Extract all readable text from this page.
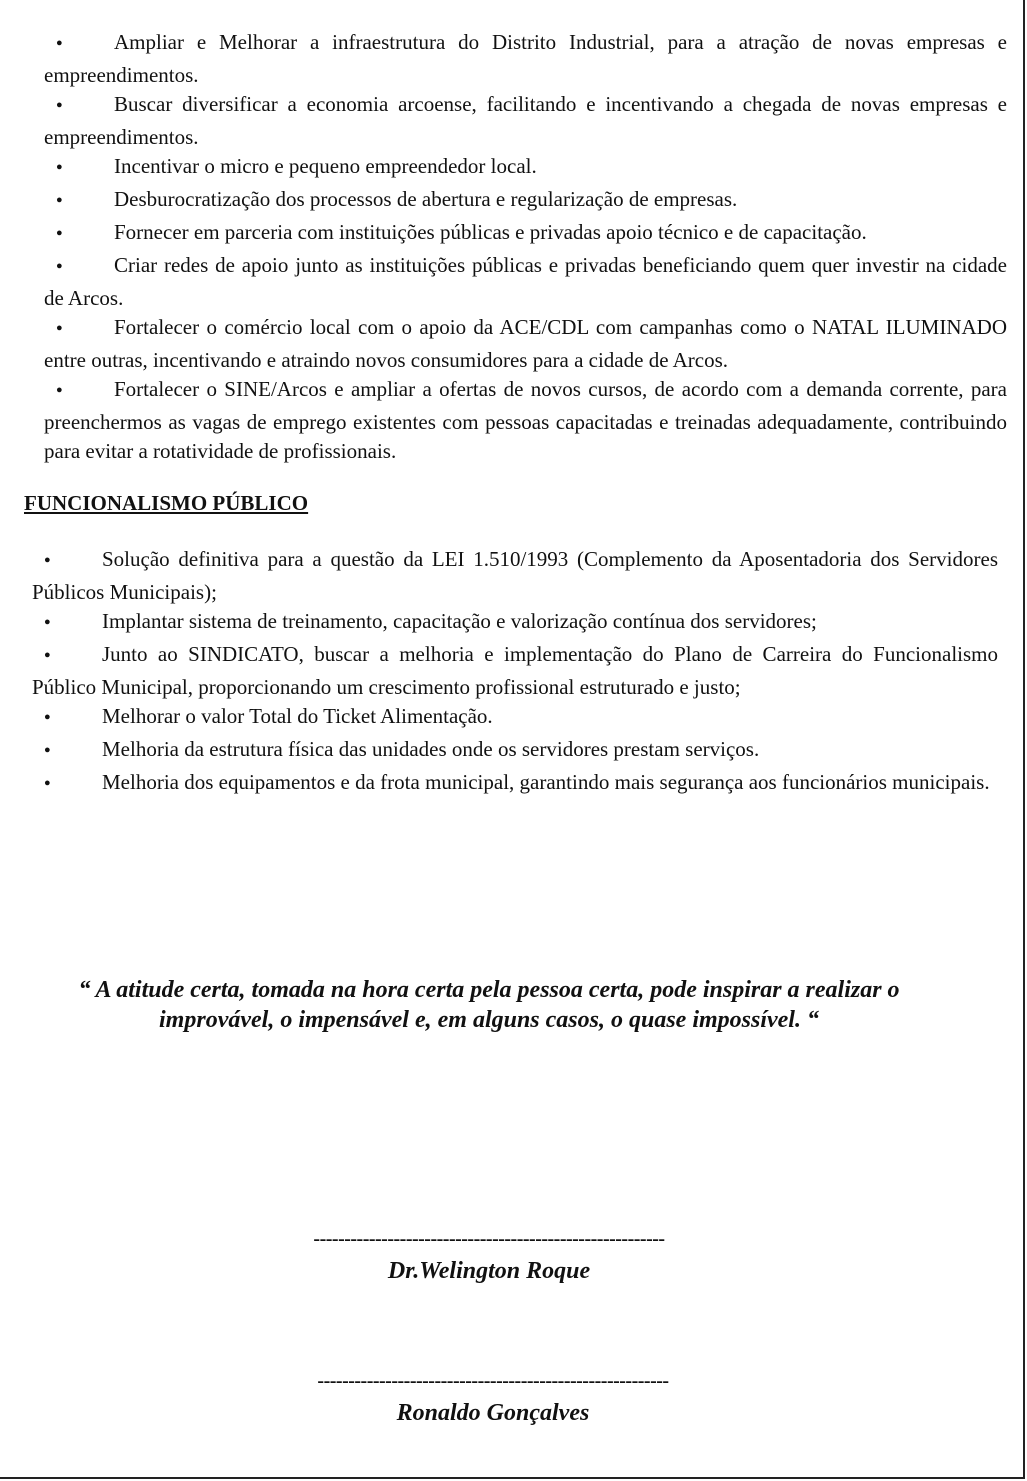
●Ampliar e Melhorar a infraestrutura do Distrito Industrial, para a atração de novas empresas e empreendimentos.
●Buscar diversificar a economia arcoense, facilitando e incentivando a chegada de novas empresas e empreendimentos.
●Incentivar o micro e pequeno empreendedor local.
●Desburocratização dos processos de abertura e regularização de empresas.
●Fornecer em parceria com instituições públicas e privadas apoio técnico e de capacitação.
●Criar redes de apoio junto as instituições públicas e privadas beneficiando quem quer investir na cidade de Arcos.
●Fortalecer o comércio local com o apoio da ACE/CDL com campanhas como o NATAL ILUMINADO entre outras, incentivando e atraindo novos consumidores para a cidade de Arcos.
●Fortalecer o SINE/Arcos e ampliar a ofertas de novos cursos, de acordo com a demanda corrente, para preenchermos as vagas de emprego existentes com pessoas capacitadas e treinadas adequadamente, contribuindo para evitar a rotatividade de profissionais.
FUNCIONALISMO PÚBLICO
●Solução definitiva para a questão da LEI 1.510/1993 (Complemento da Aposentadoria dos Servidores Públicos Municipais);
●Implantar sistema de treinamento, capacitação e valorização contínua dos servidores;
●Junto ao SINDICATO, buscar a melhoria e implementação do Plano de Carreira do Funcionalismo Público Municipal, proporcionando um crescimento profissional estruturado e justo;
●Melhorar o valor Total do Ticket Alimentação.
●Melhoria da estrutura física das unidades onde os servidores prestam serviços.
●Melhoria dos equipamentos e da frota municipal, garantindo mais segurança aos funcionários municipais.

“ A atitude certa, tomada na hora certa pela pessoa certa, pode inspirar a realizar o improvável, o impensável e, em alguns casos, o quase impossível. “

---------------------------------------------------------
Dr.Welington Roque
---------------------------------------------------------
Ronaldo Gonçalves
